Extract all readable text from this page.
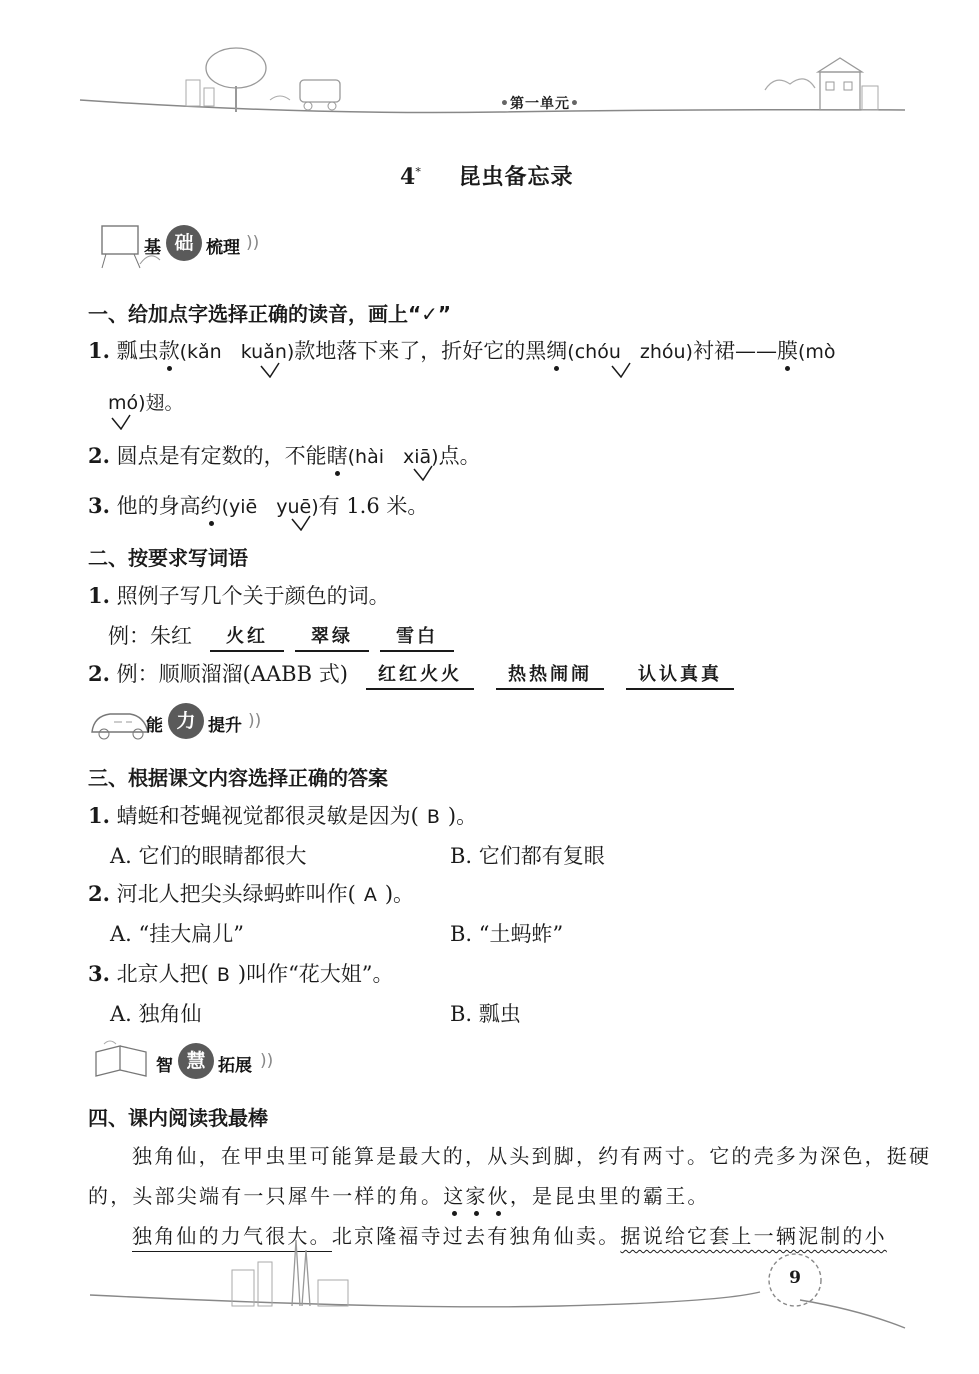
•第一单元•
4* 昆虫备忘录
基 础 梳理 ))
一、给加点字选择正确的读音，画上“✓”
1. 瓢虫款(kǎn　kuǎn)款地落下来了，折好它的黑绸(chóu　zhóu)衬裙——膜(mò
mó)翅。
2. 圆点是有定数的，不能瞎(hài　xiā)点。
3. 他的身高约(yiē　yuē)有 1.6 米。
二、按要求写词语
1. 照例子写几个关于颜色的词。
例：朱红	火红	翠绿	雪白
2. 例：顺顺溜溜(AABB 式)	红红火火	热热闹闹	认认真真
能 力 提升 ))
三、根据课文内容选择正确的答案
1. 蜻蜓和苍蝇视觉都很灵敏是因为( B )。
A. 它们的眼睛都很大	B. 它们都有复眼
2. 河北人把尖头绿蚂蚱叫作( A )。
A. “挂大扁儿”	B. “土蚂蚱”
3. 北京人把( B )叫作“花大姐”。
A. 独角仙	B. 瓢虫
智 慧 拓展 ))
四、课内阅读我最棒
独角仙，在甲虫里可能算是最大的，从头到脚，约有两寸。它的壳多为深色，挺硬
的，头部尖端有一只犀牛一样的角。这家伙，是昆虫里的霸王。
独角仙的力气很大。北京隆福寺过去有独角仙卖。据说给它套上一辆泥制的小
9
